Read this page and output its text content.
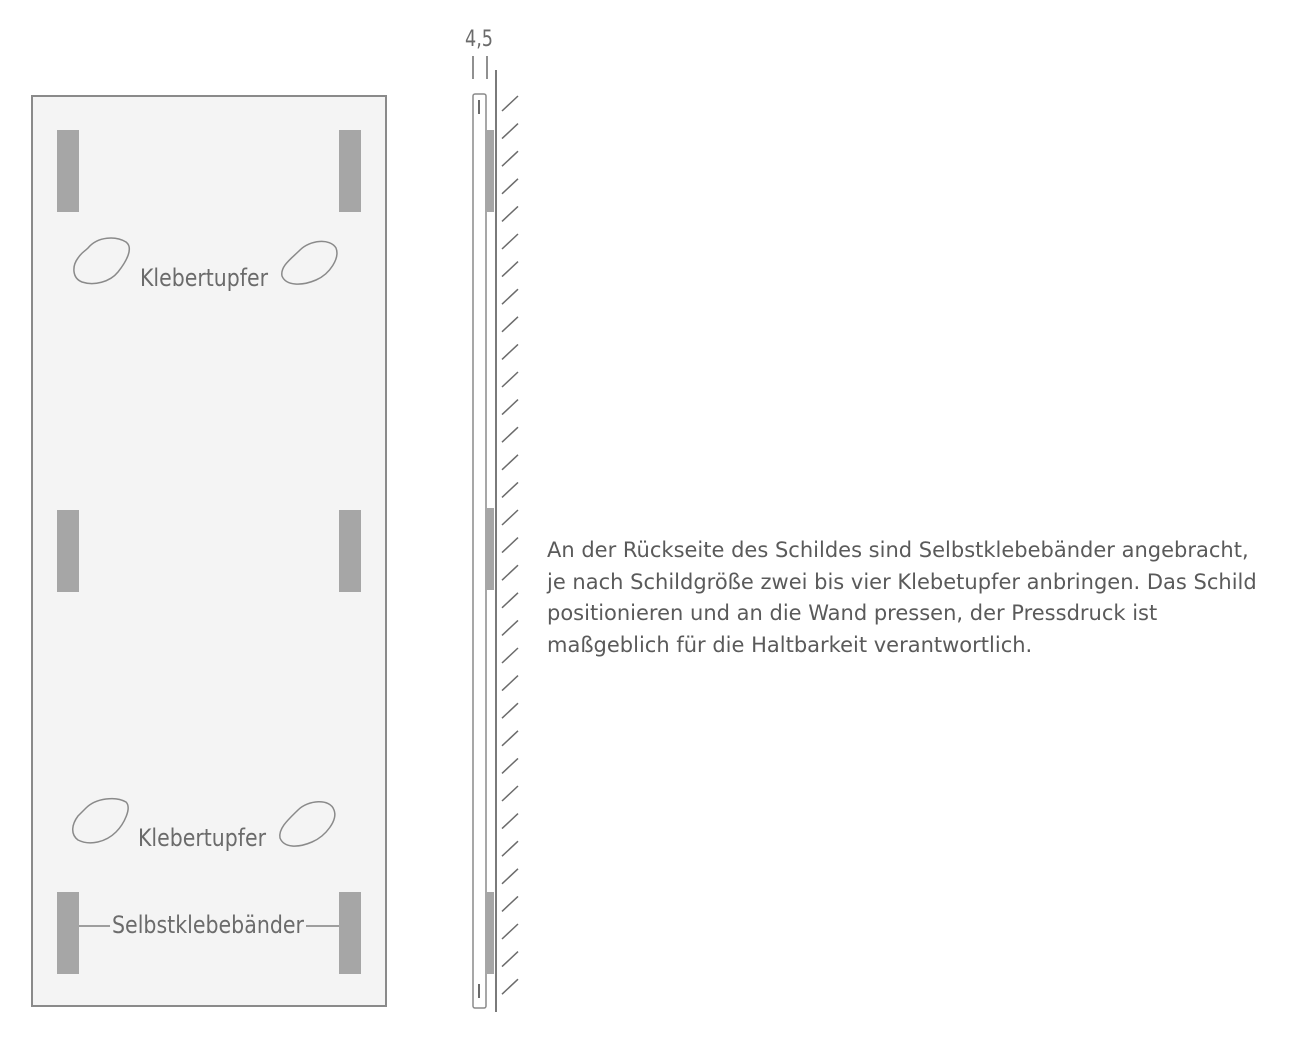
Klebertupfer
Klebertupfer
Selbstklebebänder
4,5
An der Rückseite des Schildes sind Selbstklebebänder angebracht,
je nach Schildgröße zwei bis vier Klebetupfer anbringen. Das Schild
positionieren und an die Wand pressen, der Pressdruck ist
maßgeblich für die Haltbarkeit verantwortlich.
